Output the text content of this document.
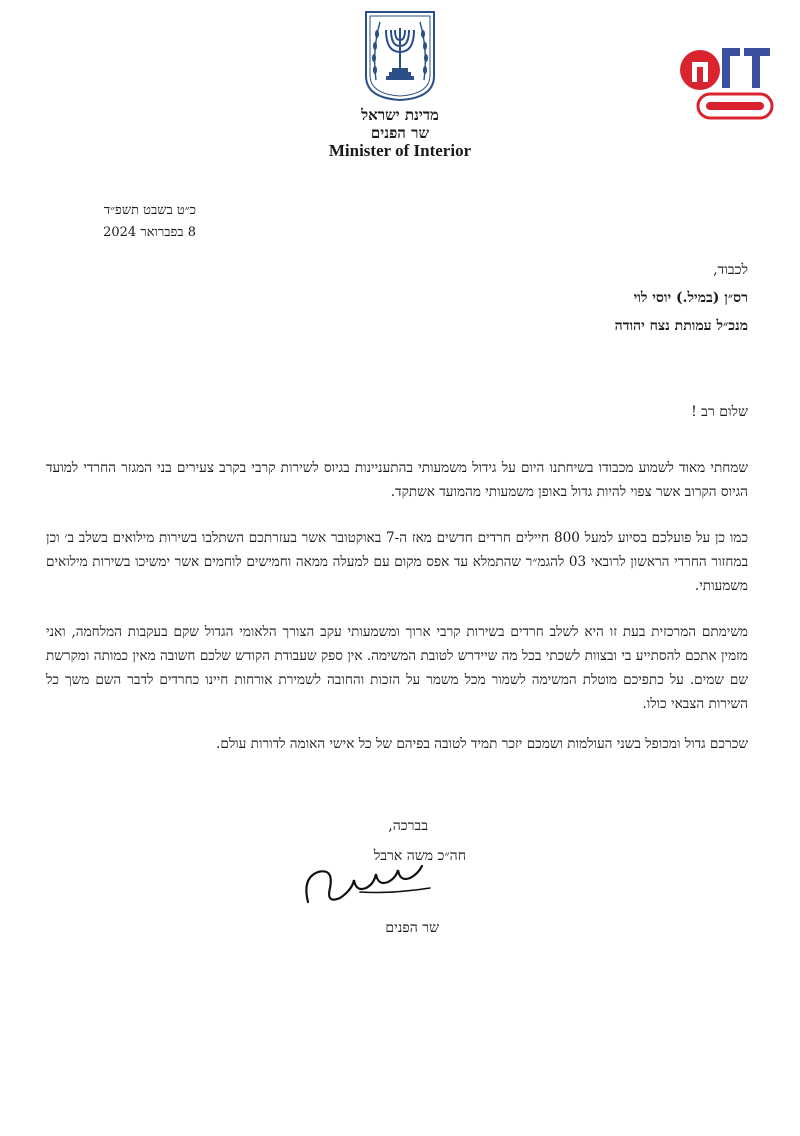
מדינת ישראל
שר הפנים
Minister of Interior
כ״ט בשבט תשפ״ד
8 בפברואר 2024
לכבוד,
רס״ן (במיל.) יוסי לוי
מנכ״ל עמותת נצח יהודה
שלום רב !
שמחתי מאוד לשמוע מכבודו בשיחתנו היום על גידול משמעותי בהתעניינות בגיוס לשירות קרבי בקרב צעירים בני המגזר החרדי למועד הגיוס הקרוב אשר צפוי להיות גדול באופן משמעותי מהמועד אשתקד.
כמו כן על פועלכם בסיוע למעל 800 חיילים חרדים חדשים מאז ה-7 באוקטובר אשר בעזרתכם השתלבו בשירות מילואים בשלב ב׳ וכן במחזור החרדי הראשון לרובאי 03 להגמ״ר שהתמלא עד אפס מקום עם למעלה ממאה וחמישים לוחמים אשר ימשיכו בשירות מילואים משמעותי.
משימתם המרכזית בעת זו היא לשלב חרדים בשירות קרבי ארוך ומשמעותי עקב הצורך הלאומי הגדול שקם בעקבות המלחמה, ואני מזמין אתכם להסתייע בי ובצוות לשכתי בכל מה שיידרש לטובת המשימה. אין ספק שעבודת הקודש שלכם חשובה מאין כמותה ומקרשת שם שמים. על כתפיכם מוטלת המשימה לשמור מכל משמר על הזכות והחובה לשמירת אורחות חיינו כחרדים לדבר השם משך כל השירות הצבאי כולו.
שכרכם גדול ומכופל בשני העולמות ושמכם יזכר תמיד לטובה בפיהם של כל אישי האומה לדורות עולם.
בברכה,
חה״כ משה ארבל
שר הפנים
